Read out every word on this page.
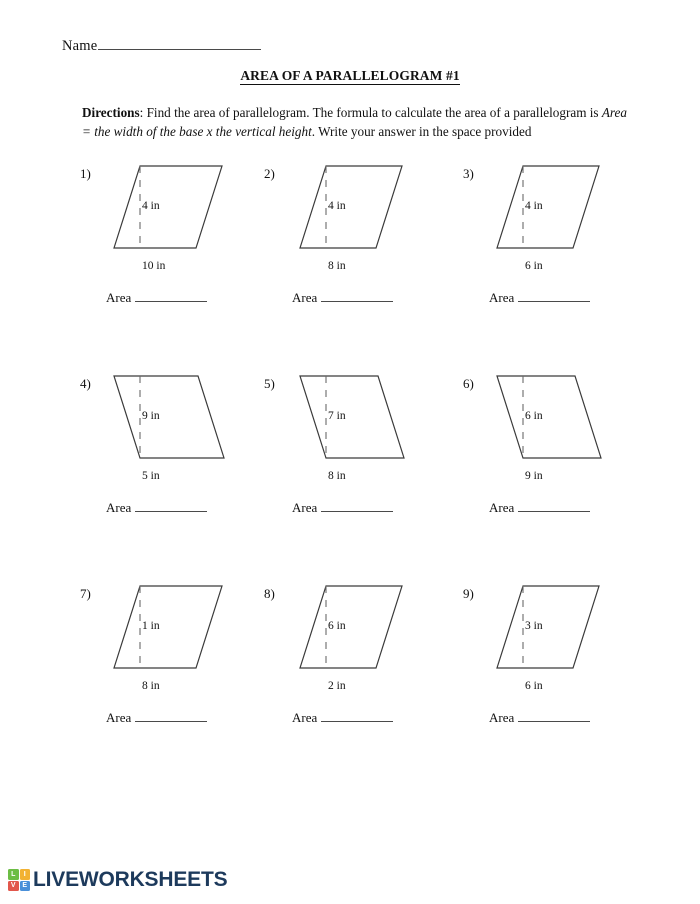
Name
AREA OF A PARALLELOGRAM #1
Directions: Find the area of parallelogram. The formula to calculate the area of a parallelogram is Area = the width of the base x the vertical height. Write your answer in the space provided
1)
4 in
10 in
Area
2)
4 in
8 in
Area
3)
4 in
6 in
Area
4)
9 in
5 in
Area
5)
7 in
8 in
Area
6)
6 in
9 in
Area
7)
1 in
8 in
Area
8)
6 in
2 in
Area
9)
3 in
6 in
Area
L	I
V E LIVEWORKSHEETS
